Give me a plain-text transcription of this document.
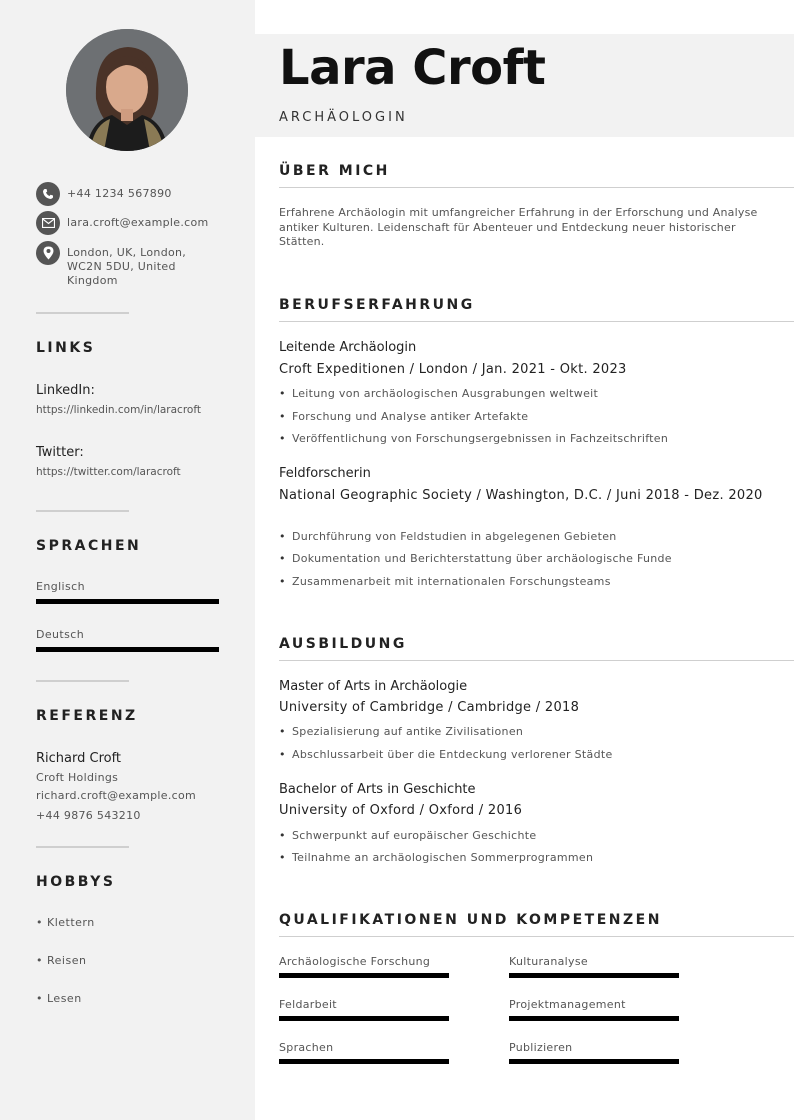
+44 1234 567890
lara.croft@example.com
London, UK, London, WC2N 5DU, United Kingdom
LINKS
LinkedIn:
https://linkedin.com/in/laracroft
Twitter:
https://twitter.com/laracroft
SPRACHEN
Englisch
Deutsch
REFERENZ
Richard Croft
Croft Holdings
richard.croft@example.com
+44 9876 543210
HOBBYS
• Klettern
• Reisen
• Lesen
Lara Croft
ARCHÄOLOGIN
ÜBER MICH
Erfahrene Archäologin mit umfangreicher Erfahrung in der Erforschung und Analyse antiker Kulturen. Leidenschaft für Abenteuer und Entdeckung neuer historischer Stätten.
BERUFSERFAHRUNG
Leitende Archäologin
Croft Expeditionen / London / Jan. 2021 - Okt. 2023
• Leitung von archäologischen Ausgrabungen weltweit
• Forschung und Analyse antiker Artefakte
• Veröffentlichung von Forschungsergebnissen in Fachzeitschriften
Feldforscherin
National Geographic Society / Washington, D.C. / Juni 2018 - Dez. 2020
• Durchführung von Feldstudien in abgelegenen Gebieten
• Dokumentation und Berichterstattung über archäologische Funde
• Zusammenarbeit mit internationalen Forschungsteams
AUSBILDUNG
Master of Arts in Archäologie
University of Cambridge / Cambridge / 2018
• Spezialisierung auf antike Zivilisationen
• Abschlussarbeit über die Entdeckung verlorener Städte
Bachelor of Arts in Geschichte
University of Oxford / Oxford / 2016
• Schwerpunkt auf europäischer Geschichte
• Teilnahme an archäologischen Sommerprogrammen
QUALIFIKATIONEN UND KOMPETENZEN
Archäologische Forschung	Kulturanalyse
Feldarbeit	Projektmanagement
Sprachen	Publizieren
